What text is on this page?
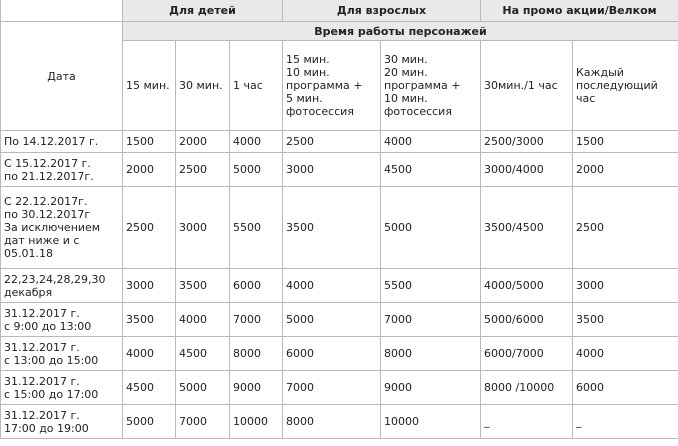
	Для детей			Для взрослых		На промо акции/Велком	
Дата	Время работы персонажей						

	15 мин.	30 мин.	1 час	15 мин.
10 мин.
программа +
5 мин.
фотосессия	30 мин.
20 мин.
программа +
10 мин.
фотосессия	30мин./1 час	Каждый
последующий
час

По 14.12.2017 г.	1500	2000	4000	2500	4000	2500/3000	1500

С 15.12.2017 г.
по 21.12.2017г.	2000	2500	5000	3000	4500	3000/4000	2000

С 22.12.2017г.
по 30.12.2017г
За исключением
дат ниже и с
05.01.18	2500	3000	5500	3500	5000	3500/4500	2500

22,23,24,28,29,30
декабря	3000	3500	6000	4000	5500	4000/5000	3000

31.12.2017 г.
с 9:00 до 13:00	3500	4000	7000	5000	7000	5000/6000	3500

31.12.2017 г.
с 13:00 до 15:00	4000	4500	8000	6000	8000	6000/7000	4000

31.12.2017 г.
с 15:00 до 17:00	4500	5000	9000	7000	9000	8000 /10000	6000

31.12.2017 г.
17:00 до 19:00	5000	7000	10000	8000	10000	_	_
